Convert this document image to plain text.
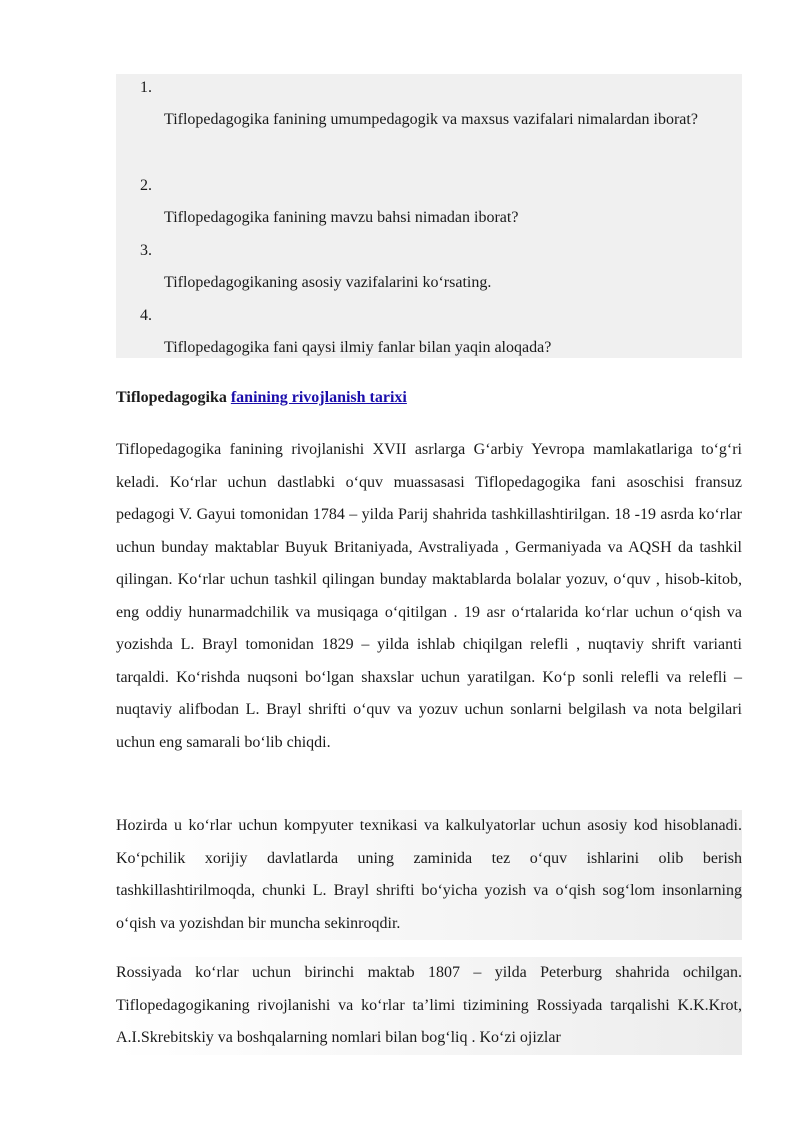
1.
Tiflopedagogika fanining umumpedagogik va maxsus vazifalari nimalardan iborat?
2.
Tiflopedagogika fanining mavzu bahsi nimadan iborat?
3.
Tiflopedagogikaning asosiy vazifalarini ko‘rsating.
4.
Tiflopedagogika fani qaysi ilmiy fanlar bilan yaqin aloqada?
Tiflopedagogika fanining rivojlanish tarixi

Tiflopedagogika fanining rivojlanishi XVII asrlarga G‘arbiy Yevropa mamlakatlariga to‘g‘ri keladi. Ko‘rlar uchun dastlabki o‘quv muassasasi Tiflopedagogika fani asoschisi fransuz pedagogi V. Gayui tomonidan 1784 – yilda Parij shahrida tashkillashtirilgan. 18 -19 asrda ko‘rlar uchun bunday maktablar Buyuk Britaniyada, Avstraliyada , Germaniyada va AQSH da tashkil qilingan. Ko‘rlar uchun tashkil qilingan bunday maktablarda bolalar yozuv, o‘quv , hisob-kitob, eng oddiy hunarmadchilik va musiqaga o‘qitilgan . 19 asr o‘rtalarida ko‘rlar uchun o‘qish va yozishda L. Brayl tomonidan 1829 – yilda ishlab chiqilgan relefli , nuqtaviy shrift varianti tarqaldi. Ko‘rishda nuqsoni bo‘lgan shaxslar uchun yaratilgan. Ko‘p sonli relefli va relefli – nuqtaviy alifbodan L. Brayl shrifti o‘quv va yozuv uchun sonlarni belgilash va nota belgilari uchun eng samarali bo‘lib chiqdi.

Hozirda u ko‘rlar uchun kompyuter texnikasi va kalkulyatorlar uchun asosiy kod hisoblanadi. Ko‘pchilik xorijiy davlatlarda uning zaminida tez o‘quv ishlarini olib berish tashkillashtirilmoqda, chunki L. Brayl shrifti bo‘yicha yozish va o‘qish sog‘lom insonlarning o‘qish va yozishdan bir muncha sekinroqdir.

Rossiyada ko‘rlar uchun birinchi maktab 1807 – yilda Peterburg shahrida ochilgan. Tiflopedagogikaning rivojlanishi va ko‘rlar ta’limi tizimining Rossiyada tarqalishi K.K.Krot, A.I.Skrebitskiy va boshqalarning nomlari bilan bog‘liq . Ko‘zi ojizlar
